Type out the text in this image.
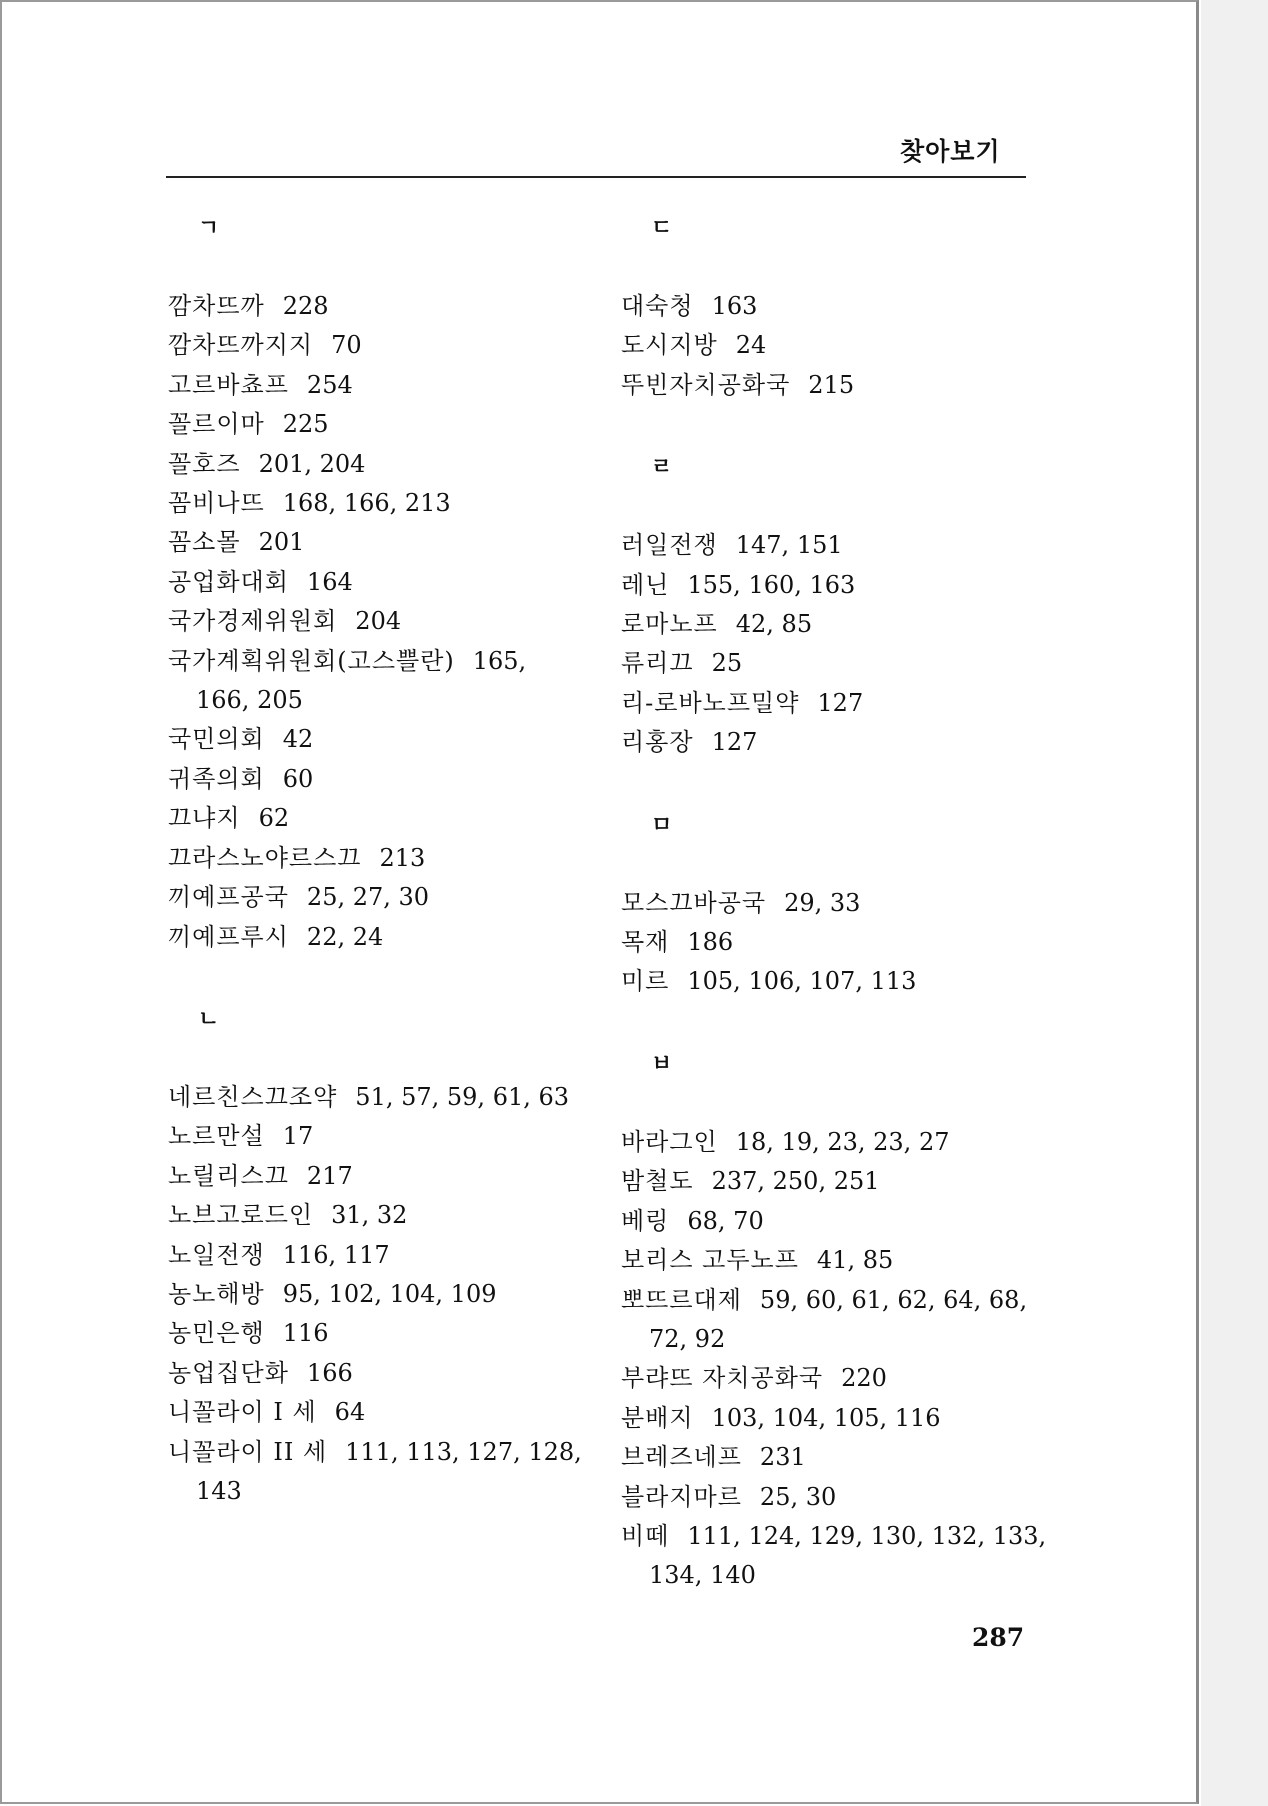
찾아보기
ㄱ
깜차뜨까 228
깜차뜨까지지 70
고르바쵸프 254
꼴르이마 225
꼴호즈 201, 204
꼼비나뜨 168, 166, 213
꼼소몰 201
공업화대회 164
국가경제위원회 204
국가계획위원회(고스쁠란) 165,
166, 205
국민의회 42
귀족의회 60
끄냐지 62
끄라스노야르스끄 213
끼예프공국 25, 27, 30
끼예프루시 22, 24
ㄴ
네르친스끄조약 51, 57, 59, 61, 63
노르만설 17
노릴리스끄 217
노브고로드인 31, 32
노일전쟁 116, 117
농노해방 95, 102, 104, 109
농민은행 116
농업집단화 166
니꼴라이 I 세 64
니꼴라이 II 세 111, 113, 127, 128,
143
ㄷ
대숙청 163
도시지방 24
뚜빈자치공화국 215
ㄹ
러일전쟁 147, 151
레닌 155, 160, 163
로마노프 42, 85
류리끄 25
리-로바노프밀약 127
리홍장 127
ㅁ
모스끄바공국 29, 33
목재 186
미르 105, 106, 107, 113
ㅂ
바라그인 18, 19, 23, 23, 27
밤철도 237, 250, 251
베링 68, 70
보리스 고두노프 41, 85
뽀뜨르대제 59, 60, 61, 62, 64, 68,
72, 92
부랴뜨 자치공화국 220
분배지 103, 104, 105, 116
브레즈네프 231
블라지마르 25, 30
비떼 111, 124, 129, 130, 132, 133,
134, 140
287
